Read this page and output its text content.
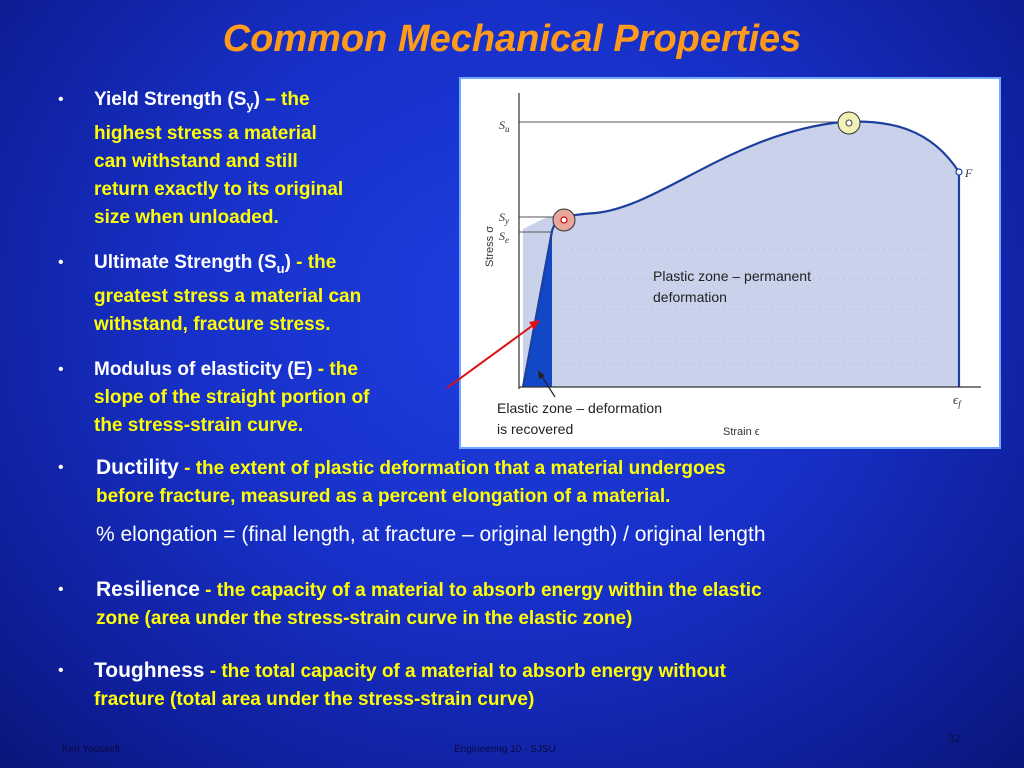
Common Mechanical Properties
• Yield Strength $(S_y)$ – the
highest stress a material
can withstand and still
return exactly to its original
size when unloaded.
• Ultimate Strength $(S_u)$ - the
greatest stress a material can
withstand, fracture stress.
• Modulus of elasticity (E) - the
slope of the straight portion of
the stress-strain curve.
• Ductility - the extent of plastic deformation that a material undergoes
before fracture, measured as a percent elongation of a material.
% elongation = (final length, at fracture – original length) / original length
• Resilience - the capacity of a material to absorb energy within the elastic
zone (area under the stress-strain curve in the elastic zone)
• Toughness - the total capacity of a material to absorb energy without
fracture (total area under the stress-strain curve)
$S_u$
$S_y$
$S_e$
F
$\epsilon_f$
Stress σ
Strain ϵ
Plastic zone – permanent deformation
Elastic zone – deformation is recovered
Ken Youssefi	Engineering 10 - SJSU
32
